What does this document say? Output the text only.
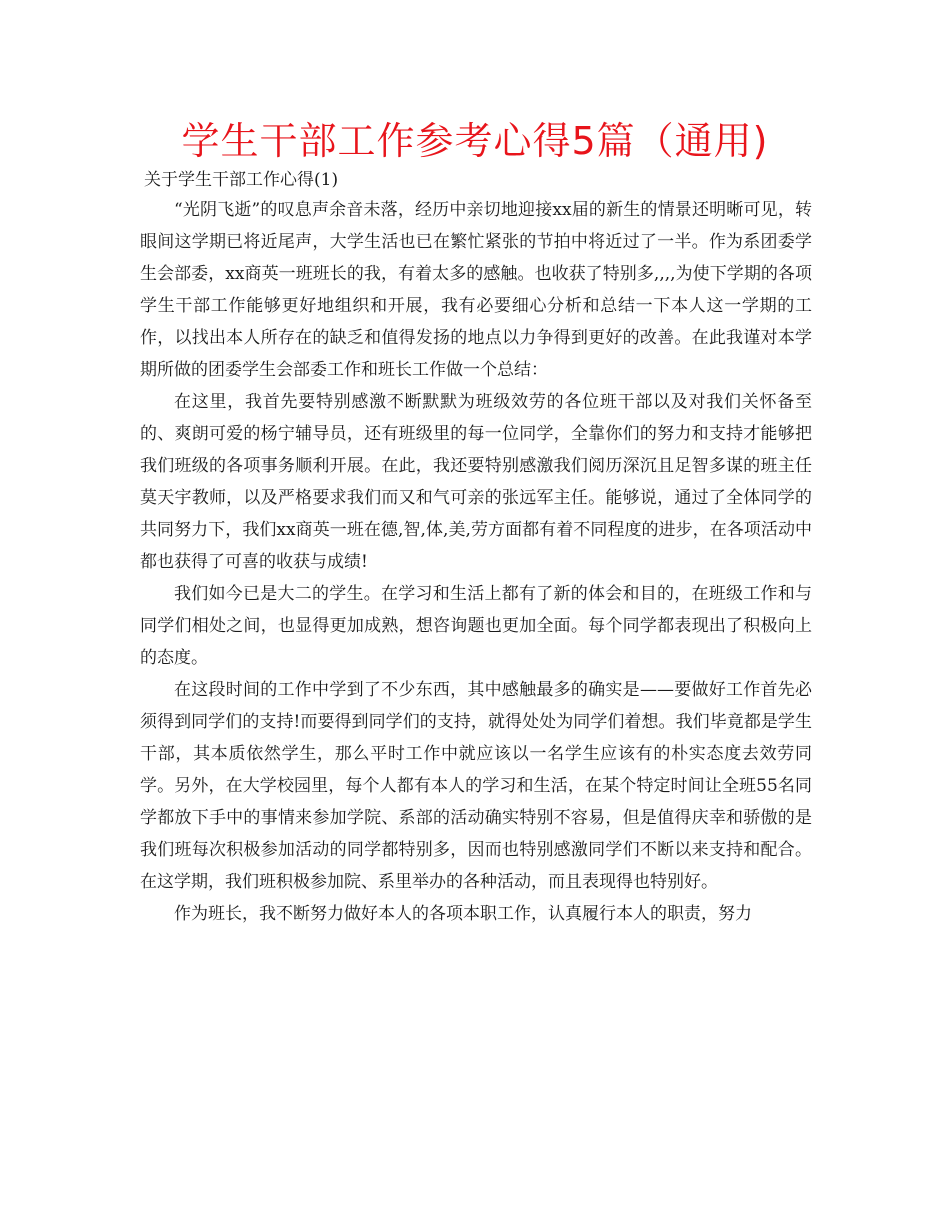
学生干部工作参考心得5篇（通用)

关于学生干部工作心得(1)

“光阴飞逝”的叹息声余音未落，经历中亲切地迎接xx届的新生的情景还明晰可见，转眼间这学期已将近尾声，大学生活也已在繁忙紧张的节拍中将近过了一半。作为系团委学生会部委，xx商英一班班长的我，有着太多的感触。也收获了特别多,,,,为使下学期的各项学生干部工作能够更好地组织和开展，我有必要细心分析和总结一下本人这一学期的工作，以找出本人所存在的缺乏和值得发扬的地点以力争得到更好的改善。在此我谨对本学期所做的团委学生会部委工作和班长工作做一个总结：

在这里，我首先要特别感激不断默默为班级效劳的各位班干部以及对我们关怀备至的、爽朗可爱的杨宁辅导员，还有班级里的每一位同学，全靠你们的努力和支持才能够把我们班级的各项事务顺利开展。在此，我还要特别感激我们阅历深沉且足智多谋的班主任莫天宇教师，以及严格要求我们而又和气可亲的张远军主任。能够说，通过了全体同学的共同努力下，我们xx商英一班在德,智,体,美,劳方面都有着不同程度的进步，在各项活动中都也获得了可喜的收获与成绩!

我们如今已是大二的学生。在学习和生活上都有了新的体会和目的，在班级工作和与同学们相处之间，也显得更加成熟，想咨询题也更加全面。每个同学都表现出了积极向上的态度。

在这段时间的工作中学到了不少东西，其中感触最多的确实是——要做好工作首先必须得到同学们的支持!而要得到同学们的支持，就得处处为同学们着想。我们毕竟都是学生干部，其本质依然学生，那么平时工作中就应该以一名学生应该有的朴实态度去效劳同学。另外，在大学校园里，每个人都有本人的学习和生活，在某个特定时间让全班55名同学都放下手中的事情来参加学院、系部的活动确实特别不容易，但是值得庆幸和骄傲的是我们班每次积极参加活动的同学都特别多，因而也特别感激同学们不断以来支持和配合。在这学期，我们班积极参加院、系里举办的各种活动，而且表现得也特别好。

作为班长，我不断努力做好本人的各项本职工作，认真履行本人的职责，努力
